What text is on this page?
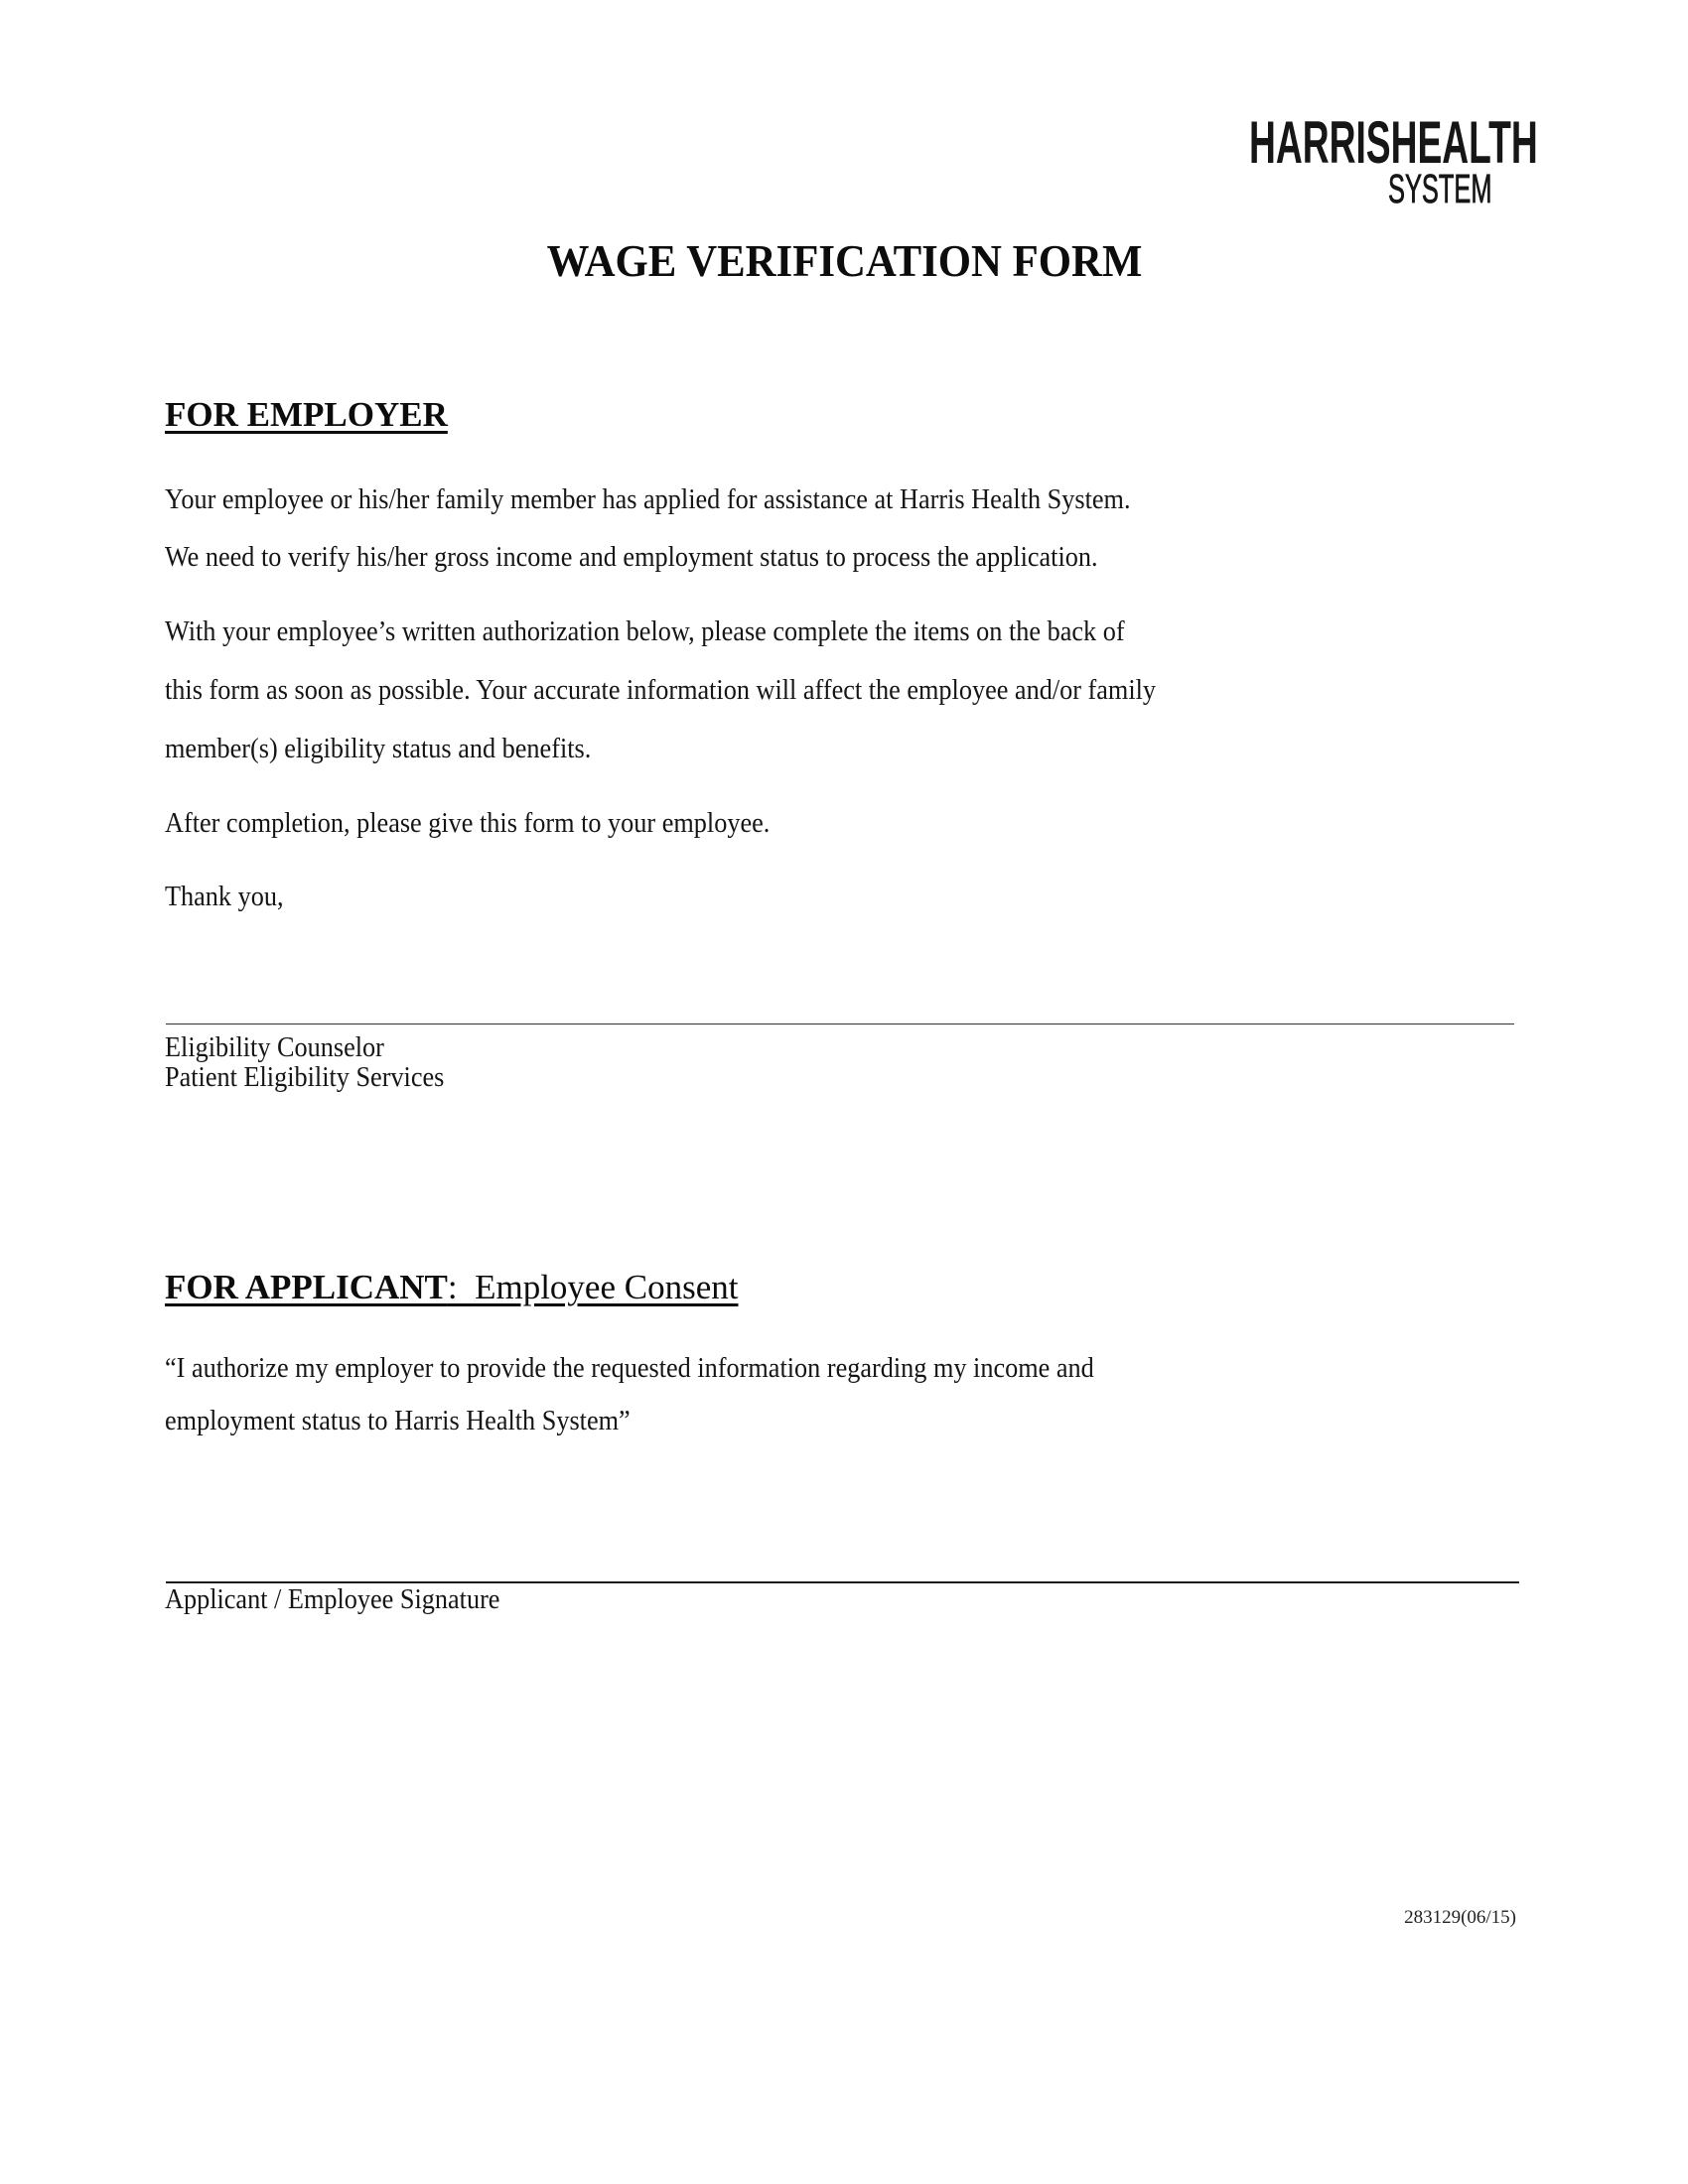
HARRISHEALTH
SYSTEM
WAGE VERIFICATION FORM
FOR EMPLOYER
Your employee or his/her family member has applied for assistance at Harris Health System.
We need to verify his/her gross income and employment status to process the application.
With your employee’s written authorization below, please complete the items on the back of
this form as soon as possible. Your accurate information will affect the employee and/or family
member(s) eligibility status and benefits.
After completion, please give this form to your employee.
Thank you,
Eligibility Counselor
Patient Eligibility Services
FOR APPLICANT: Employee Consent
“I authorize my employer to provide the requested information regarding my income and
employment status to Harris Health System”
Applicant / Employee Signature
283129(06/15)
